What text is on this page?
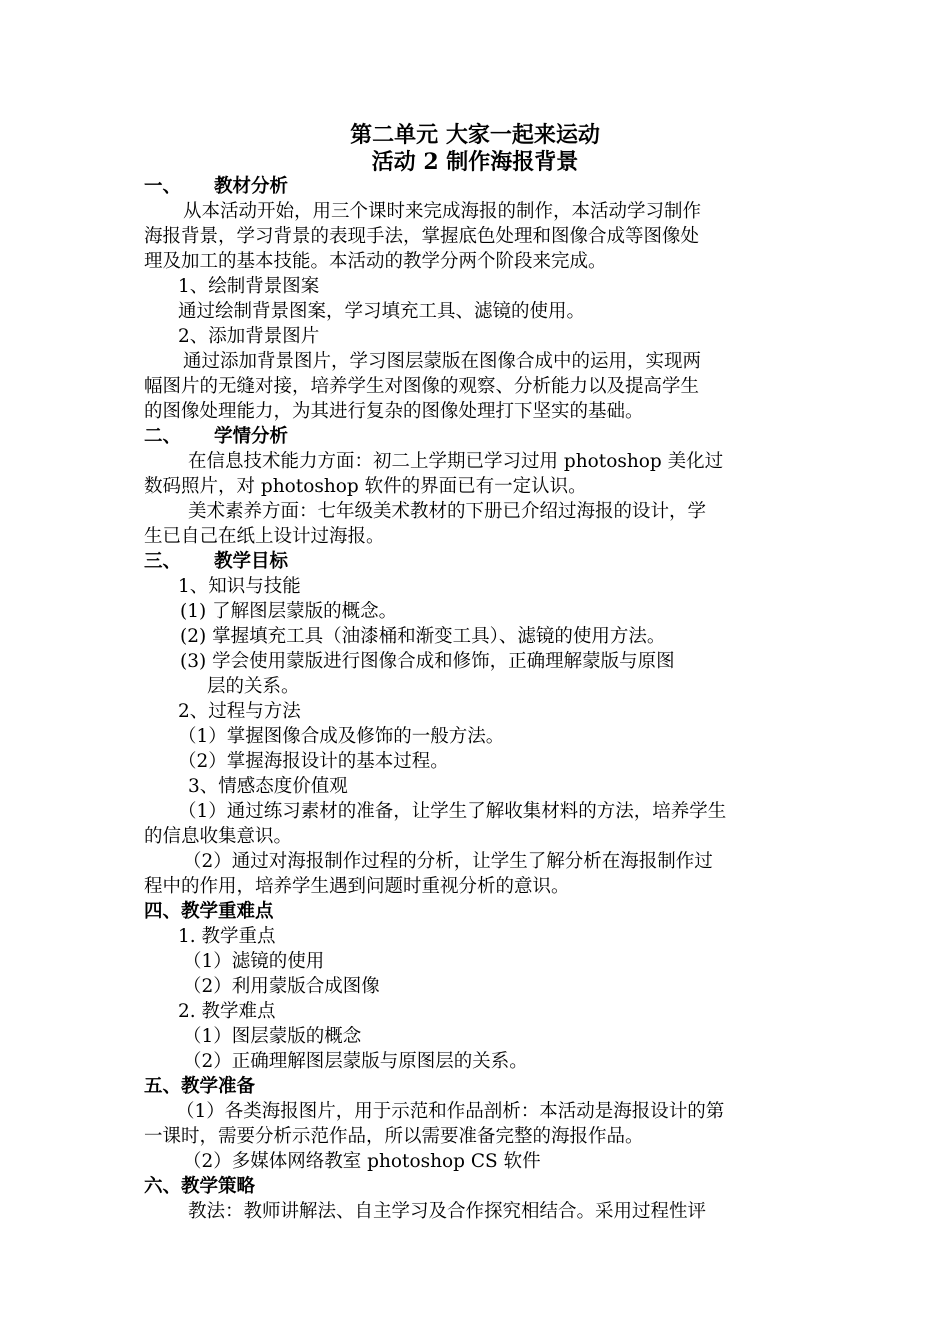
第二单元 大家一起来运动
活动 2 制作海报背景
一、 教材分析
从本活动开始，用三个课时来完成海报的制作，本活动学习制作
海报背景，学习背景的表现手法，掌握底色处理和图像合成等图像处
理及加工的基本技能。本活动的教学分两个阶段来完成。
1、绘制背景图案
通过绘制背景图案，学习填充工具、滤镜的使用。
2、添加背景图片
通过添加背景图片，学习图层蒙版在图像合成中的运用，实现两
幅图片的无缝对接，培养学生对图像的观察、分析能力以及提高学生
的图像处理能力，为其进行复杂的图像处理打下坚实的基础。
二、 学情分析
在信息技术能力方面：初二上学期已学习过用 photoshop 美化过
数码照片，对 photoshop 软件的界面已有一定认识。
美术素养方面：七年级美术教材的下册已介绍过海报的设计，学
生已自己在纸上设计过海报。
三、 教学目标
1、知识与技能
(1) 了解图层蒙版的概念。
(2) 掌握填充工具（油漆桶和渐变工具）、滤镜的使用方法。
(3) 学会使用蒙版进行图像合成和修饰，正确理解蒙版与原图
层的关系。
2、过程与方法
（1）掌握图像合成及修饰的一般方法。
（2）掌握海报设计的基本过程。
3、情感态度价值观
（1）通过练习素材的准备，让学生了解收集材料的方法，培养学生
的信息收集意识。
（2）通过对海报制作过程的分析，让学生了解分析在海报制作过
程中的作用，培养学生遇到问题时重视分析的意识。
四、教学重难点
1. 教学重点
（1）滤镜的使用
（2）利用蒙版合成图像
2. 教学难点
（1）图层蒙版的概念
（2）正确理解图层蒙版与原图层的关系。
五、教学准备
（1）各类海报图片，用于示范和作品剖析：本活动是海报设计的第
一课时，需要分析示范作品，所以需要准备完整的海报作品。
（2）多媒体网络教室 photoshop CS 软件
六、教学策略
教法：教师讲解法、自主学习及合作探究相结合。采用过程性评
